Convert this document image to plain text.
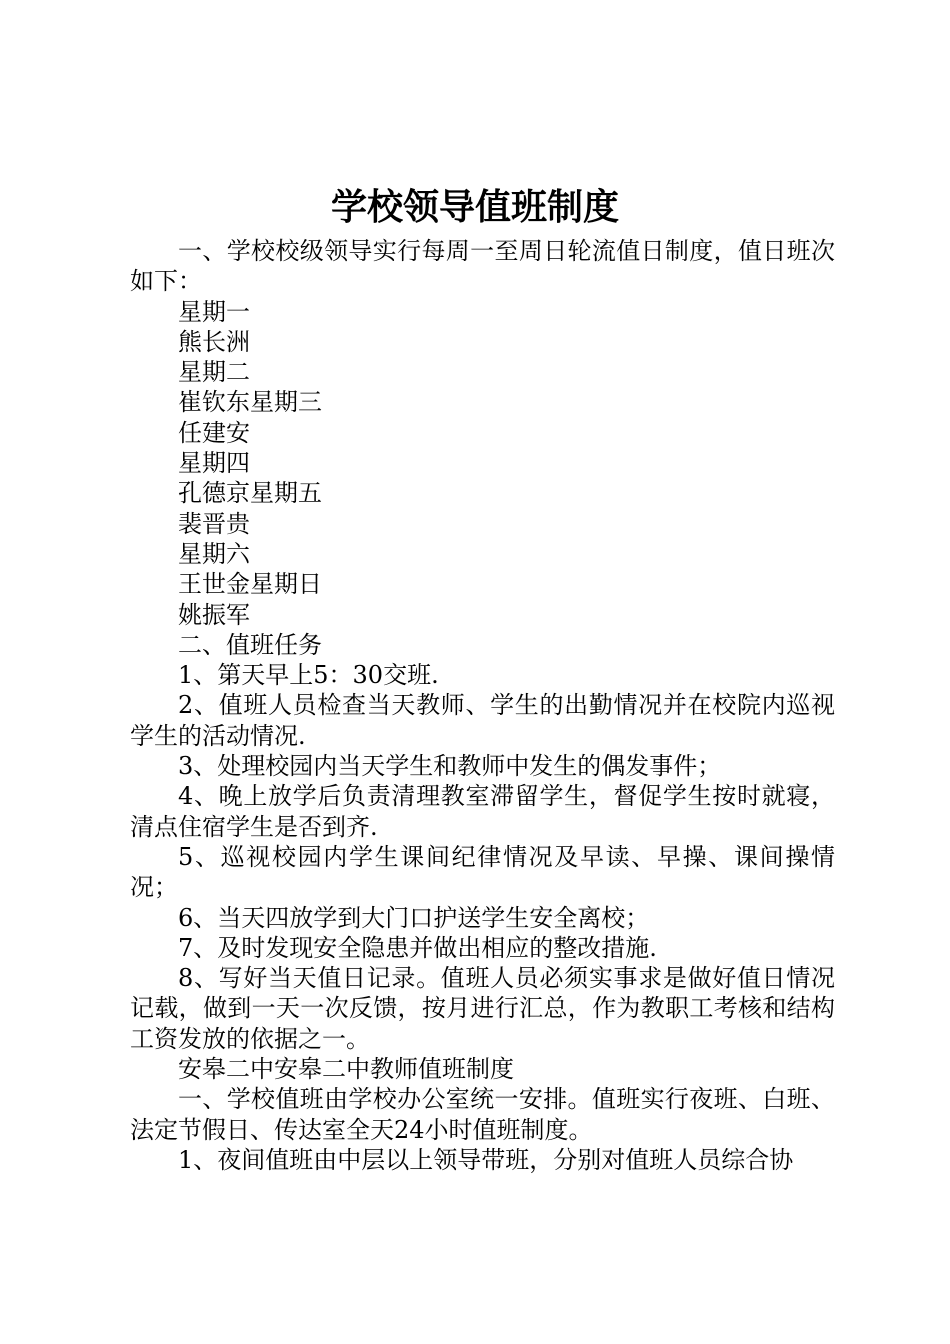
学校领导值班制度

一、学校校级领导实行每周一至周日轮流值日制度，值日班次如下：

星期一

熊长洲

星期二

崔钦东星期三

任建安

星期四

孔德京星期五

裴晋贵

星期六

王世金星期日

姚振军

二、值班任务

1、第天早上5：30交班.

2、值班人员检查当天教师、学生的出勤情况并在校院内巡视学生的活动情况.

3、处理校园内当天学生和教师中发生的偶发事件；

4、晚上放学后负责清理教室滞留学生，督促学生按时就寝，清点住宿学生是否到齐.

5、巡视校园内学生课间纪律情况及早读、早操、课间操情况；

6、当天四放学到大门口护送学生安全离校；

7、及时发现安全隐患并做出相应的整改措施.

8、写好当天值日记录。值班人员必须实事求是做好值日情况记载，做到一天一次反馈，按月进行汇总，作为教职工考核和结构工资发放的依据之一。

安皋二中安皋二中教师值班制度

一、学校值班由学校办公室统一安排。值班实行夜班、白班、法定节假日、传达室全天24小时值班制度。

1、夜间值班由中层以上领导带班，分别对值班人员综合协
